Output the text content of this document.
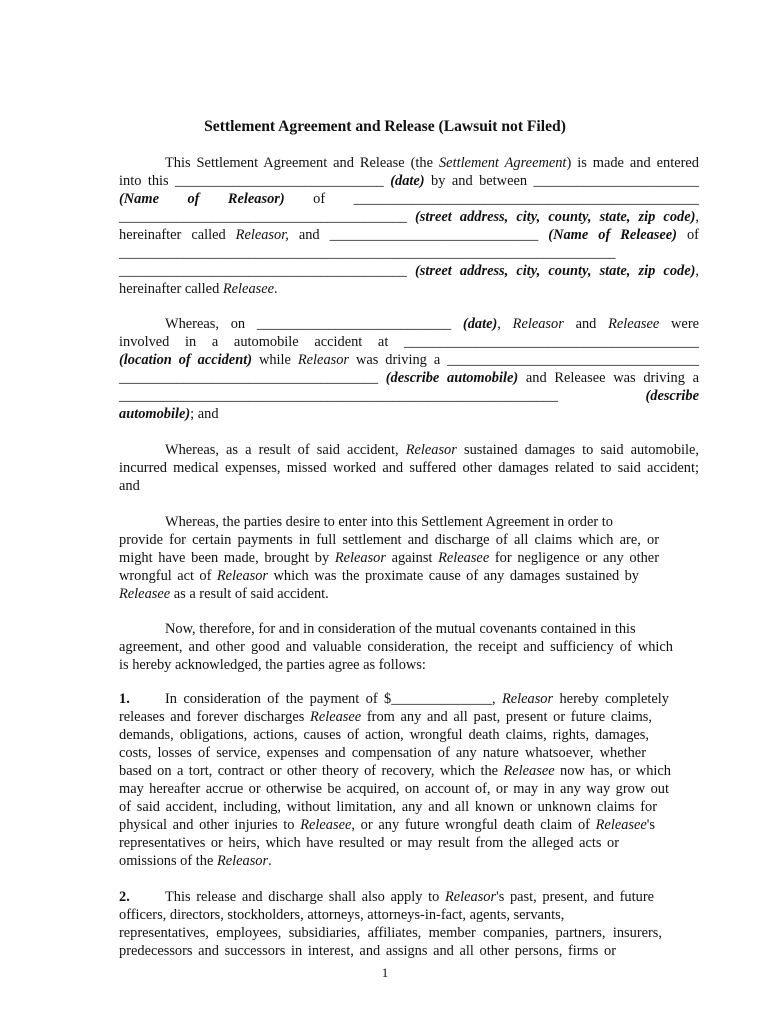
Settlement Agreement and Release (Lawsuit not Filed)
This Settlement Agreement and Release (the Settlement Agreement) is made and entered
into this _____________________________ (date) by and between _______________________
(Name of Releasor) of ________________________________________________
________________________________________ (street address, city, county, state, zip code),
hereinafter called Releasor, and _____________________________ (Name of Releasee) of
_____________________________________________________________________
________________________________________ (street address, city, county, state, zip code),
hereinafter called Releasee.
Whereas, on ___________________________ (date), Releasor and Releasee were
involved in a automobile accident at _________________________________________
(location of accident) while Releasor was driving a ___________________________________
____________________________________ (describe automobile) and Releasee was driving a
_____________________________________________________________ (describe
automobile); and
Whereas, as a result of said accident, Releasor sustained damages to said automobile,
incurred medical expenses, missed worked and suffered other damages related to said accident;
and
Whereas, the parties desire to enter into this Settlement Agreement in order to
provide for certain payments in full settlement and discharge of all claims which are, or
might have been made, brought by Releasor against Releasee for negligence or any other
wrongful act of Releasor which was the proximate cause of any damages sustained by
Releasee as a result of said accident.
Now, therefore, for and in consideration of the mutual covenants contained in this
agreement, and other good and valuable consideration, the receipt and sufficiency of which
is hereby acknowledged, the parties agree as follows:
1. In consideration of the payment of $______________, Releasor hereby completely
releases and forever discharges Releasee from any and all past, present or future claims,
demands, obligations, actions, causes of action, wrongful death claims, rights, damages,
costs, losses of service, expenses and compensation of any nature whatsoever, whether
based on a tort, contract or other theory of recovery, which the Releasee now has, or which
may hereafter accrue or otherwise be acquired, on account of, or may in any way grow out
of said accident, including, without limitation, any and all known or unknown claims for
physical and other injuries to Releasee, or any future wrongful death claim of Releasee's
representatives or heirs, which have resulted or may result from the alleged acts or
omissions of the Releasor.
2. This release and discharge shall also apply to Releasor's past, present, and future
officers, directors, stockholders, attorneys, attorneys-in-fact, agents, servants,
representatives, employees, subsidiaries, affiliates, member companies, partners, insurers,
predecessors and successors in interest, and assigns and all other persons, firms or
1
